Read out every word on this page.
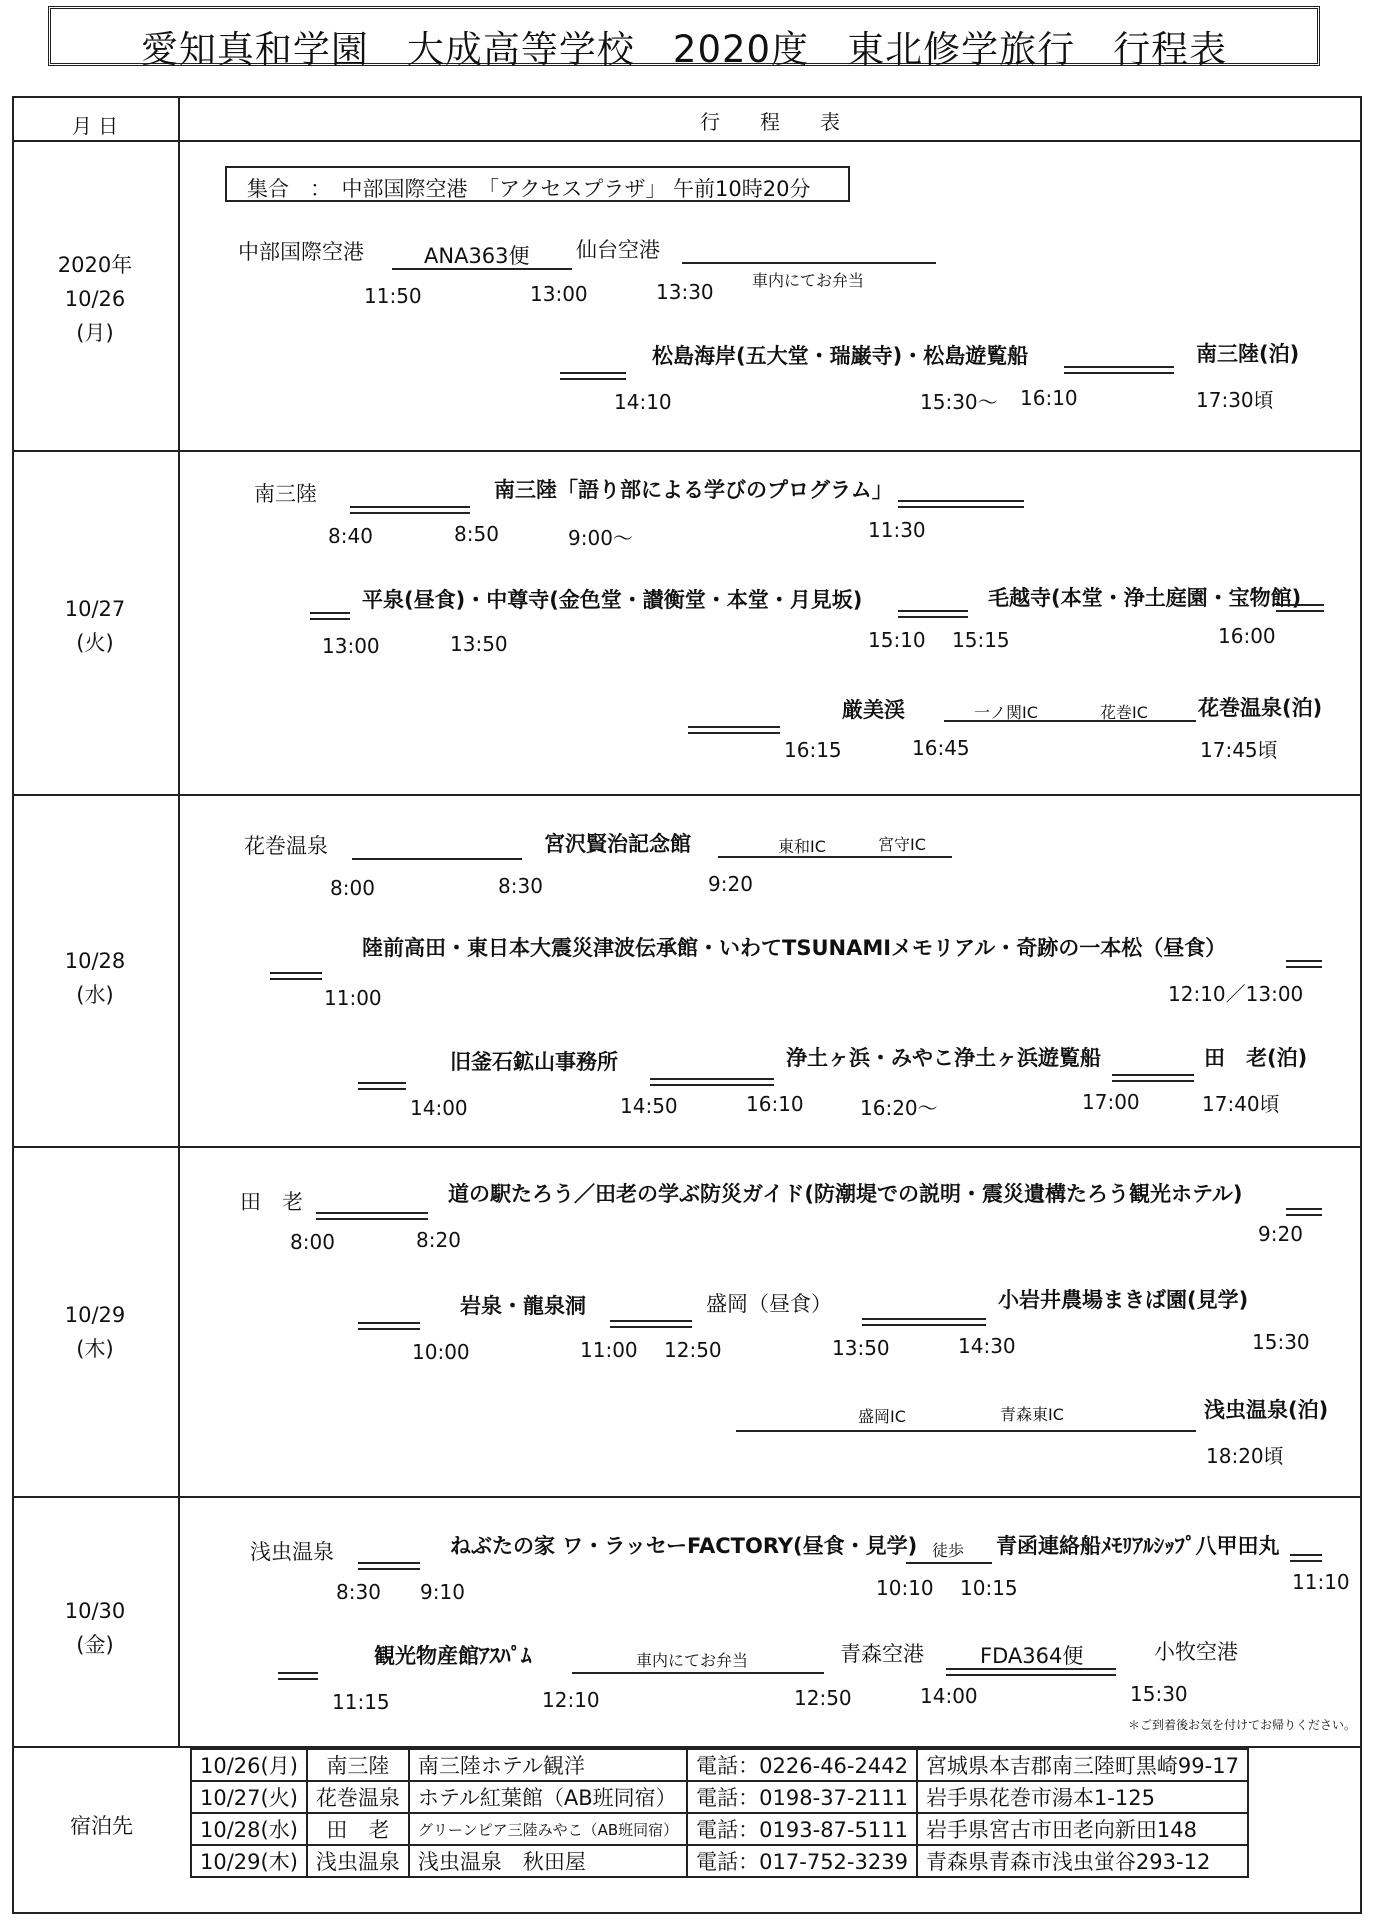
愛知真和学園　大成高等学校　2020度　東北修学旅行　行程表
月 日	行　　程　　表
集合　：　中部国際空港　「アクセスプラザ」 午前10時20分
2020年
10/26
(月)
中部国際空港	ANA363便 仙台空港
車内にてお弁当
11:50	13:00	13:30
松島海岸(五大堂・瑞巌寺)・松島遊覧船	南三陸(泊)
14:10	15:30～ 16:10	17:30頃
10/27
(火)
南三陸	南三陸「語り部による学びのプログラム」
8:40	8:50	9:00～	11:30
平泉(昼食)・中尊寺(金色堂・讃衡堂・本堂・月見坂)	毛越寺(本堂・浄土庭園・宝物館)
13:00	13:50	15:10 15:15	16:00
厳美渓	一ノ関IC	花巻IC 花巻温泉(泊)
16:15	16:45	17:45頃
10/28
(水)
花巻温泉	宮沢賢治記念館	東和IC	宮守IC
8:00	8:30	9:20
陸前高田・東日本大震災津波伝承館・いわてTSUNAMIメモリアル・奇跡の一本松（昼食）
11:00	12:10／13:00
旧釜石鉱山事務所	浄土ヶ浜・みやこ浄土ヶ浜遊覧船	田　老(泊)
14:00	14:50	16:10	16:20～	17:00	17:40頃
10/29
(木)
田　老	道の駅たろう／田老の学ぶ防災ガイド(防潮堤での説明・震災遺構たろう観光ホテル)
8:00	8:20	9:20
岩泉・龍泉洞	盛岡（昼食）	小岩井農場まきば園(見学)
10:00	11:00 12:50	13:50	14:30	15:30
盛岡IC	青森東IC	浅虫温泉(泊)
18:20頃
10/30
(金)
浅虫温泉	ねぶたの家 ワ・ラッセーFACTORY(昼食・見学) 徒歩 青函連絡船ﾒﾓﾘｱﾙｼｯﾌﾟ八甲田丸
8:30 9:10	10:10 10:15	11:10
観光物産館ｱｽﾊﾟﾑ	車内にてお弁当	青森空港	FDA364便	小牧空港
11:15	12:10	12:50	14:00	15:30
＊ご到着後お気を付けてお帰りください。
宿泊先
10/26(月)	南三陸	南三陸ホテル観洋	電話：0226-46-2442	宮城県本吉郡南三陸町黒崎99-17
10/27(火)	花巻温泉	ホテル紅葉館（AB班同宿）	電話：0198-37-2111	岩手県花巻市湯本1-125
10/28(水)	田　老	グリーンピア三陸みやこ（AB班同宿）	電話：0193-87-5111	岩手県宮古市田老向新田148
10/29(木)	浅虫温泉	浅虫温泉　秋田屋	電話：017-752-3239	青森県青森市浅虫蛍谷293-12
